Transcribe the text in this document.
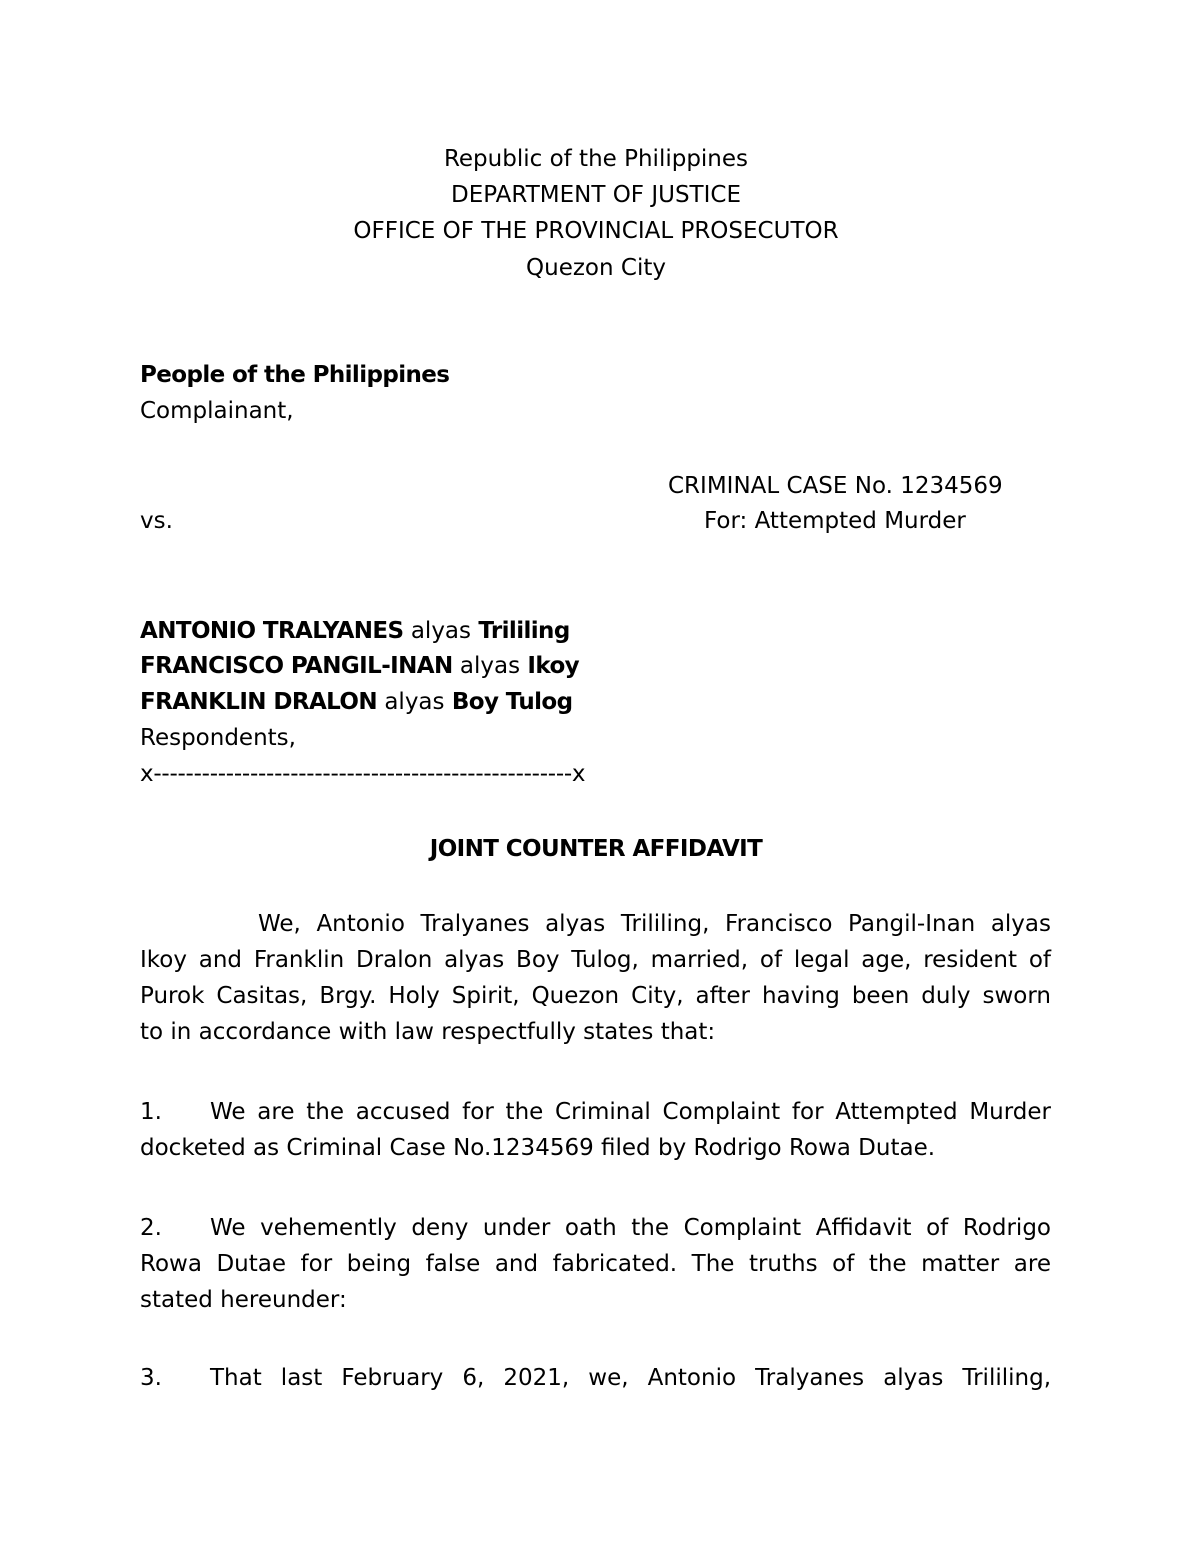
Republic of the Philippines
DEPARTMENT OF JUSTICE
OFFICE OF THE PROVINCIAL PROSECUTOR
Quezon City
People of the Philippines
Complainant,
CRIMINAL CASE No. 1234569
vs.	For: Attempted Murder
ANTONIO TRALYANES alyas Trililing
FRANCISCO PANGIL-INAN alyas Ikoy
FRANKLIN DRALON alyas Boy Tulog
Respondents,
x----------------------------------------------------x
JOINT COUNTER AFFIDAVIT
We, Antonio Tralyanes alyas Trililing, Francisco Pangil-Inan alyas
Ikoy and Franklin Dralon alyas Boy Tulog, married, of legal age, resident of
Purok Casitas, Brgy. Holy Spirit, Quezon City, after having been duly sworn
to in accordance with law respectfully states that:
1. We are the accused for the Criminal Complaint for Attempted Murder
docketed as Criminal Case No.1234569 filed by Rodrigo Rowa Dutae.
2. We vehemently deny under oath the Complaint Affidavit of Rodrigo
Rowa Dutae for being false and fabricated. The truths of the matter are
stated hereunder:
3. That last February 6, 2021, we, Antonio Tralyanes alyas Trililing,
